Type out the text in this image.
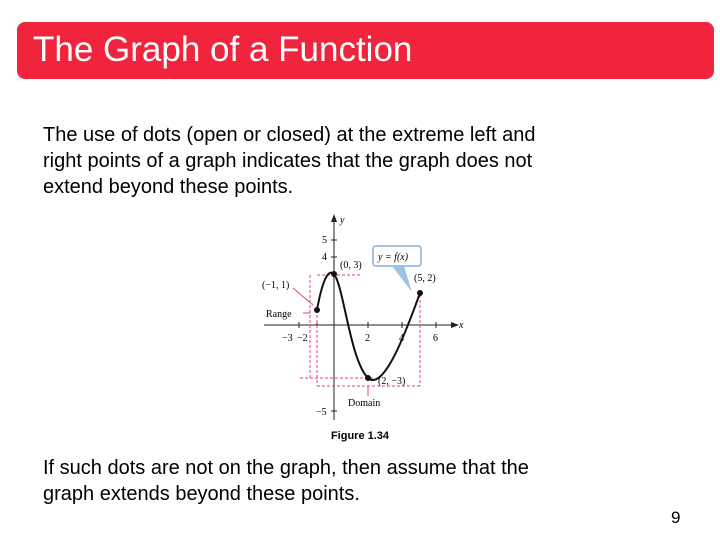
The Graph of a Function

The use of dots (open or closed) at the extreme left and
right points of a graph indicates that the graph does not
extend beyond these points.

y
x
−3 −2	2	4	6
5
4
−5
y = f(x)
(0, 3)
(−1, 1)
(5, 2)
(2, −3)
Range
Domain
Figure 1.34

If such dots are not on the graph, then assume that the
graph extends beyond these points.

9
